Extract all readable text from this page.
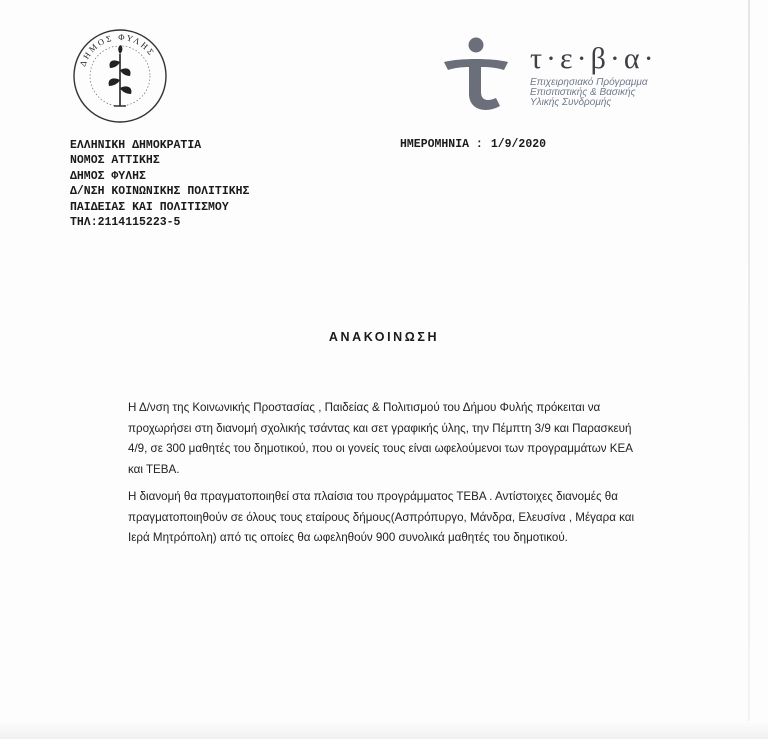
ΔΗΜΟΣ ΦΥΛΗΣ	τ·ε·β·α·
Επιχειρησιακό Πρόγραμμα
Επισιτιστικής & Βασικής
Υλικής Συνδρομής
ΕΛΛΗΝΙΚΗ ΔΗΜΟΚΡΑΤΙΑ
ΝΟΜΟΣ ΑΤΤΙΚΗΣ
ΔΗΜΟΣ ΦΥΛΗΣ
Δ/ΝΣΗ ΚΟΙΝΩΝΙΚΗΣ ΠΟΛΙΤΙΚΗΣ
ΠΑΙΔΕΙΑΣ ΚΑΙ ΠΟΛΙΤΙΣΜΟΥ
ΤΗΛ:2114115223-5
ΗΜΕΡΟΜΗΝΙΑ : 1/9/2020
ΑΝΑΚΟΙΝΩΣΗ
Η Δ/νση της Κοινωνικής Προστασίας , Παιδείας & Πολιτισμού του Δήμου Φυλής πρόκειται να
προχωρήσει στη διανομή σχολικής τσάντας και σετ γραφικής ύλης, την Πέμπτη 3/9 και Παρασκευή
4/9, σε 300 μαθητές του δημοτικού, που οι γονείς τους είναι ωφελούμενοι των προγραμμάτων ΚΕΑ
και ΤΕΒΑ.
Η διανομή θα πραγματοποιηθεί στα πλαίσια του προγράμματος ΤΕΒΑ . Αντίστοιχες διανομές θα
πραγματοποιηθούν σε όλους τους εταίρους δήμους(Ασπρόπυργο, Μάνδρα, Ελευσίνα , Μέγαρα και
Ιερά Μητρόπολη) από τις οποίες θα ωφεληθούν 900 συνολικά μαθητές του δημοτικού.
